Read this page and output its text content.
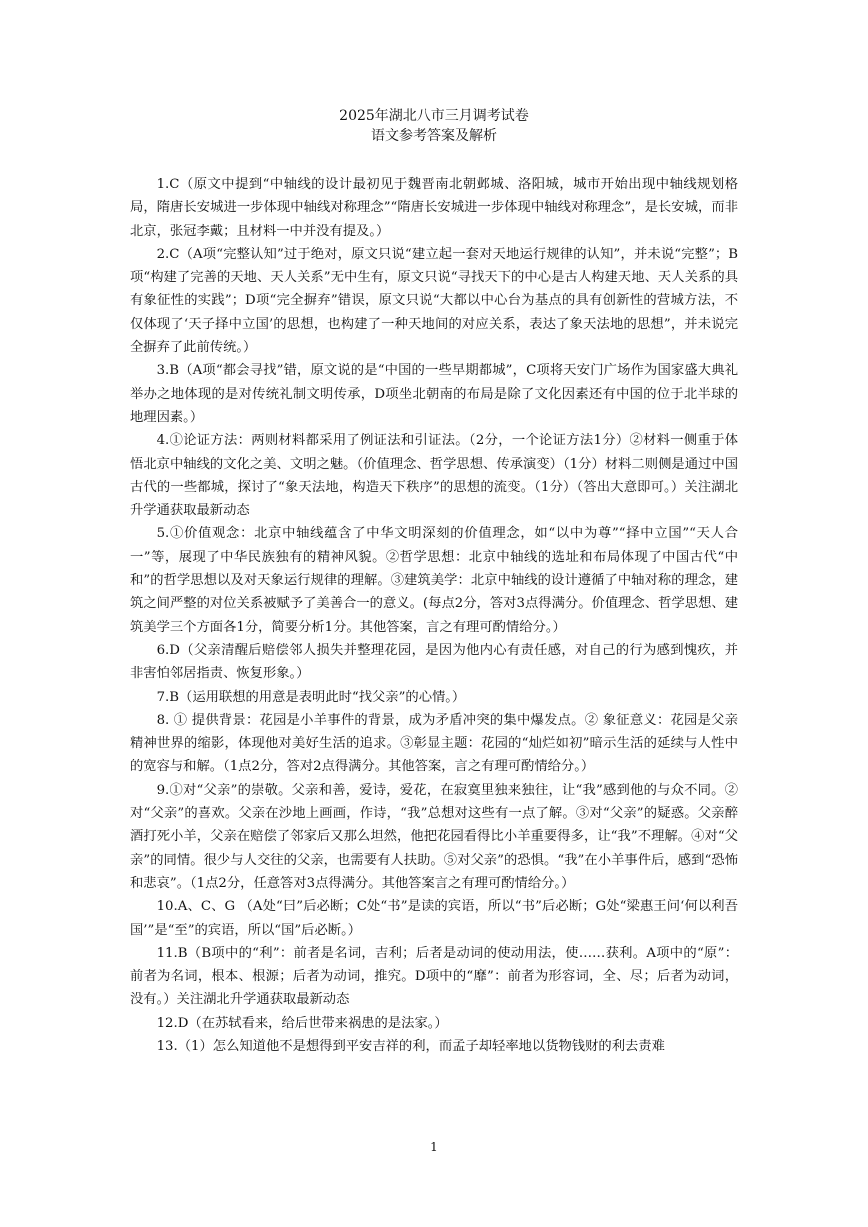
2025年湖北八市三月调考试卷
语文参考答案及解析

1.C（原文中提到“中轴线的设计最初见于魏晋南北朝邺城、洛阳城，城市开始出现中轴线规划格局，隋唐长安城进一步体现中轴线对称理念”“隋唐长安城进一步体现中轴线对称理念”，是长安城，而非北京，张冠李戴；且材料一中并没有提及。）

2.C（A项“完整认知”过于绝对，原文只说“建立起一套对天地运行规律的认知”，并未说“完整”；B项“构建了完善的天地、天人关系”无中生有，原文只说“寻找天下的中心是古人构建天地、天人关系的具有象征性的实践”；D项“完全摒弃”错误，原文只说“大都以中心台为基点的具有创新性的营城方法，不仅体现了‘天子择中立国’的思想，也构建了一种天地间的对应关系，表达了象天法地的思想”，并未说完全摒弃了此前传统。）

3.B（A项“都会寻找”错，原文说的是“中国的一些早期都城”，C项将天安门广场作为国家盛大典礼举办之地体现的是对传统礼制文明传承，D项坐北朝南的布局是除了文化因素还有中国的位于北半球的地理因素。）

4.①论证方法：两则材料都采用了例证法和引证法。（2分，一个论证方法1分）②材料一侧重于体悟北京中轴线的文化之美、文明之魅。（价值理念、哲学思想、传承演变）（1分）材料二则侧是通过中国古代的一些都城，探讨了“象天法地，构造天下秩序”的思想的流变。（1分）（答出大意即可。）关注湖北升学通获取最新动态

5.①价值观念：北京中轴线蕴含了中华文明深刻的价值理念，如“以中为尊”“择中立国”“天人合一”等，展现了中华民族独有的精神风貌。②哲学思想：北京中轴线的选址和布局体现了中国古代“中和”的哲学思想以及对天象运行规律的理解。③建筑美学：北京中轴线的设计遵循了中轴对称的理念，建筑之间严整的对位关系被赋予了美善合一的意义。(每点2分，答对3点得满分。价值理念、哲学思想、建筑美学三个方面各1分，简要分析1分。其他答案，言之有理可酌情给分。）

6.D（父亲清醒后赔偿邻人损失并整理花园，是因为他内心有责任感，对自己的行为感到愧疚，并非害怕邻居指责、恢复形象。）

7.B（运用联想的用意是表明此时“找父亲”的心情。）

8. ① 提供背景：花园是小羊事件的背景，成为矛盾冲突的集中爆发点。② 象征意义：花园是父亲精神世界的缩影，体现他对美好生活的追求。③彰显主题：花园的“灿烂如初”暗示生活的延续与人性中的宽容与和解。（1点2分，答对2点得满分。其他答案，言之有理可酌情给分。）

9.①对“父亲”的崇敬。父亲和善，爱诗，爱花，在寂寞里独来独往，让“我”感到他的与众不同。②对“父亲”的喜欢。父亲在沙地上画画，作诗，“我”总想对这些有一点了解。③对“父亲”的疑惑。父亲醉酒打死小羊，父亲在赔偿了邻家后又那么坦然，他把花园看得比小羊重要得多，让“我”不理解。④对“父亲”的同情。很少与人交往的父亲，也需要有人扶助。⑤对父亲”的恐惧。“我”在小羊事件后，感到“恐怖和悲哀”。（1点2分，任意答对3点得满分。其他答案言之有理可酌情给分。）

10.A、C、G （A处“曰”后必断；C处“书”是读的宾语，所以“书”后必断；G处“梁惠王问‘何以利吾国’”是“至”的宾语，所以“国”后必断。）

11.B（B项中的“利”：前者是名词，吉利；后者是动词的使动用法，使……获利。A项中的“原”：前者为名词，根本、根源；后者为动词，推究。D项中的“靡”：前者为形容词，全、尽；后者为动词，没有。）关注湖北升学通获取最新动态

12.D（在苏轼看来，给后世带来祸患的是法家。）

13.（1）怎么知道他不是想得到平安吉祥的利，而孟子却轻率地以货物钱财的利去责难

1
